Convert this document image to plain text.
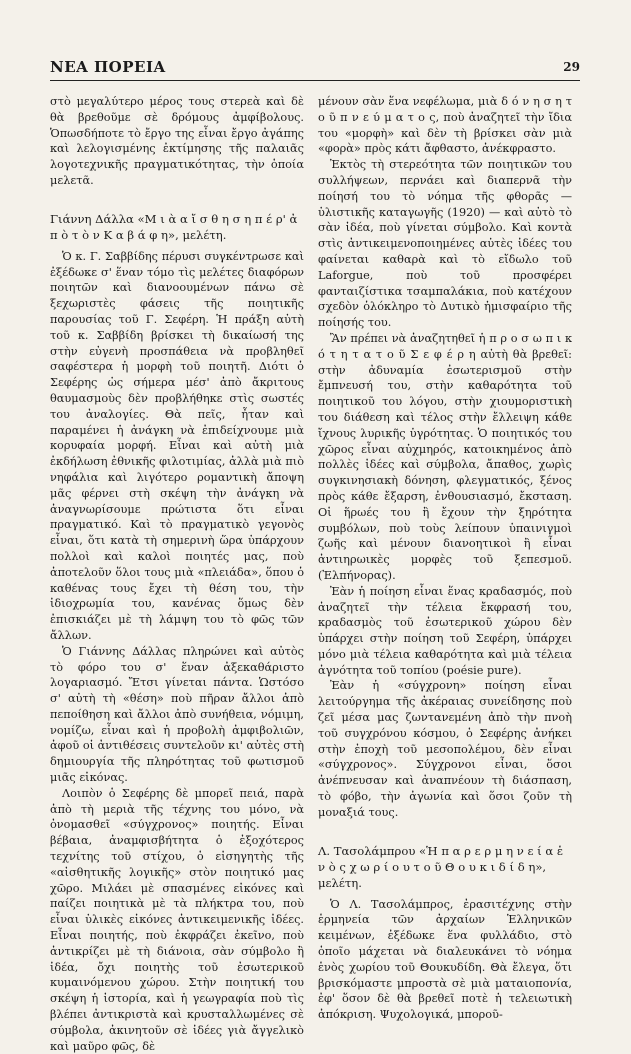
ΝΕΑ ΠΟΡΕΙΑ	29

στὸ μεγαλύτερο μέρος τους στερεὰ καὶ δὲ θὰ βρεθοῦμε σὲ δρόμους ἀμφίβολους. Ὁπωσδήποτε τὸ ἔργο της εἶναι ἔργο ἀγάπης καὶ λελογισμένης ἐκτίμησης τῆς παλαιᾶς λογοτεχνικῆς πραγματικότητας, τὴν ὁποία μελετᾶ.

Γιάννη Δάλλα «Μ ι ὰ α ἴ σ θ η σ η π έ ρ' ἀ π ὸ τ ὸ ν Κ α β ά φ η», μελέτη.

Ὁ κ. Γ. Σαββίδης πέρυσι συγκέντρωσε καὶ ἐξέδωκε σ' ἕναν τόμο τὶς μελέτες διαφόρων ποιητῶν καὶ διανοουμένων πάνω σὲ ξεχωριστὲς φάσεις τῆς ποιητικῆς παρουσίας τοῦ Γ. Σεφέρη. Ἡ πράξη αὐτὴ τοῦ κ. Σαββίδη βρίσκει τὴ δικαίωσή της στὴν εὐγενὴ προσπάθεια νὰ προβληθεῖ σαφέστερα ἡ μορφὴ τοῦ ποιητῆ. Διότι ὁ Σεφέρης ὡς σήμερα μέσ' ἀπὸ ἄκριτους θαυμασμοὺς δὲν προβλήθηκε στὶς σωστές του ἀναλογίες. Θὰ πεῖς, ἦταν καὶ παραμένει ἡ ἀνάγκη νὰ ἐπιδείχνουμε μιὰ κορυφαία μορφή. Εἶναι καὶ αὐτὴ μιὰ ἐκδήλωση ἐθνικῆς φιλοτιμίας, ἀλλὰ μιὰ πιὸ νηφάλια καὶ λιγότερο ρομαντικὴ ἄποψη μᾶς φέρνει στὴ σκέψη τὴν ἀνάγκη νὰ ἀναγνωρίσουμε πρώτιστα ὅτι εἶναι πραγματικό. Καὶ τὸ πραγματικὸ γεγονὸς εἶναι, ὅτι κατὰ τὴ σημερινὴ ὥρα ὑπάρχουν πολλοὶ καὶ καλοὶ ποιητές μας, ποὺ ἀποτελοῦν ὅλοι τους μιὰ «πλειάδα», ὅπου ὁ καθένας τους ἔχει τὴ θέση του, τὴν ἰδιοχρωμία του, κανένας ὅμως δὲν ἐπισκιάζει μὲ τὴ λάμψη του τὸ φῶς τῶν ἄλλων.

Ὁ Γιάννης Δάλλας πληρώνει καὶ αὐτὸς τὸ φόρο του σ' ἕναν ἀξεκαθάριστο λογαριασμό. Ἔτσι γίνεται πάντα. Ὡστόσο σ' αὐτὴ τὴ «θέση» ποὺ πῆραν ἄλλοι ἀπὸ πεποίθηση καὶ ἄλλοι ἀπὸ συνήθεια, νόμιμη, νομίζω, εἶναι καὶ ἡ προβολὴ ἀμφιβολιῶν, ἀφοῦ οἱ ἀντιθέσεις συντελοῦν κι' αὐτὲς στὴ δημιουργία τῆς πληρότητας τοῦ φωτισμοῦ μιᾶς εἰκόνας.

Λοιπὸν ὁ Σεφέρης δὲ μπορεῖ πειά, παρὰ ἀπὸ τὴ μεριὰ τῆς τέχνης του μόνο, νὰ ὀνομασθεῖ «σύγχρονος» ποιητής. Εἶναι βέβαια, ἀναμφισβήτητα ὁ ἐξοχότερος τεχνίτης τοῦ στίχου, ὁ εἰσηγητὴς τῆς «αἰσθητικῆς λογικῆς» στὸν ποιητικό μας χῶρο. Μιλάει μὲ σπασμένες εἰκόνες καὶ παίζει ποιητικὰ μὲ τὰ πλήκτρα του, ποὺ εἶναι ὑλικὲς εἰκόνες ἀντικειμενικῆς ἰδέες. Εἶναι ποιητής, ποὺ ἐκφράζει ἐκεῖνο, ποὺ ἀντικρίζει μὲ τὴ διάνοια, σὰν σύμβολο ἢ ἰδέα, ὄχι ποιητὴς τοῦ ἐσωτερικοῦ κυμαινόμενου χώρου. Στὴν ποιητική του σκέψη ἡ ἱστορία, καὶ ἡ γεωγραφία ποὺ τὶς βλέπει ἀντικριστὰ καὶ κρυσταλλωμένες σὲ σύμβολα, ἀκινητοῦν σὲ ἰδέες γιὰ ἄγγελικὸ καὶ μαῦρο φῶς, δὲ

μένουν σὰν ἕνα νεφέλωμα, μιὰ δ ό ν η σ η τ ο ῦ π ν ε ύ μ α τ ο ς, ποὺ ἀναζητεῖ τὴν ἴδια του «μορφὴ» καὶ δὲν τὴ βρίσκει σὰν μιὰ «φορὰ» πρὸς κάτι ἄφθαστο, ἀνέκφραστο.

Ἐκτὸς τὴ στερεότητα τῶν ποιητικῶν του συλλήψεων, περνάει καὶ διαπερνᾶ τὴν ποίησή του τὸ νόημα τῆς φθορᾶς — ὑλιστικῆς καταγωγῆς (1920) — καὶ αὐτὸ τὸ σὰν ἰδέα, ποὺ γίνεται σύμβολο. Καὶ κοντὰ στὶς ἀντικειμενοποιημένες αὐτὲς ἰδέες του φαίνεται καθαρὰ καὶ τὸ εἴδωλο τοῦ Laforgue, ποὺ τοῦ προσφέρει φανταιζίστικα τσαμπαλάκια, ποὺ κατέχουν σχεδὸν ὁλόκληρο τὸ Δυτικὸ ἡμισφαίριο τῆς ποίησής του.

Ἂν πρέπει νὰ ἀναζητηθεῖ ἡ π ρ ο σ ω π ι κ ό τ η τ α τ ο ῦ Σ ε φ έ ρ η αὐτὴ θὰ βρεθεῖ: στὴν ἀδυναμία ἐσωτερισμοῦ στὴν ἔμπνευσή του, στὴν καθαρότητα τοῦ ποιητικοῦ του λόγου, στὴν χιουμοριστικὴ του διάθεση καὶ τέλος στὴν ἔλλειψη κάθε ἴχνους λυρικῆς ὑγρότητας. Ὁ ποιητικός του χῶρος εἶναι αὐχμηρός, κατοικημένος ἀπὸ πολλὲς ἰδέες καὶ σύμβολα, ἄπαθος, χωρὶς συγκινησιακὴ δόνηση, φλεγματικός, ξένος πρὸς κάθε ἔξαρση, ἐνθουσιασμό, ἔκσταση. Οἱ ἥρωές του ἢ ἔχουν τὴν ξηρότητα συμβόλων, ποὺ τοὺς λείπουν ὑπαινιγμοὶ ζωῆς καὶ μένουν διανοητικοὶ ἢ εἶναι ἀντιηρωικὲς μορφὲς τοῦ ξεπεσμοῦ. (Ἐλπήνορας).

Ἐὰν ἡ ποίηση εἶναι ἕνας κραδασμός, ποὺ ἀναζητεῖ τὴν τέλεια ἔκφρασή του, κραδασμὸς τοῦ ἐσωτερικοῦ χώρου δὲν ὑπάρχει στὴν ποίηση τοῦ Σεφέρη, ὑπάρχει μόνο μιὰ τέλεια καθαρότητα καὶ μιὰ τέλεια ἀγνότητα τοῦ τοπίου (poésie pure).

Ἐὰν ἡ «σύγχρονη» ποίηση εἶναι λειτούργημα τῆς ἀκέραιας συνείδησης ποὺ ζεῖ μέσα μας ζωντανεμένη ἀπὸ τὴν πνοὴ τοῦ συγχρόνου κόσμου, ὁ Σεφέρης ἀνήκει στὴν ἐποχὴ τοῦ μεσοπολέμου, δὲν εἶναι «σύγχρονος». Σύγχρονοι εἶναι, ὅσοι ἀνέπνευσαν καὶ ἀναπνέουν τὴ διάσπαση, τὸ φόβο, τὴν ἀγωνία καὶ ὅσοι ζοῦν τὴ μοναξιά τους.

Λ. Τασολάμπρου «Ἡ π α ρ ε ρ μ η ν ε ί α ἑ ν ὸ ς χ ω ρ ί ο υ τ ο ῦ Θ ο υ κ ι δ ί δ η», μελέτη.

Ὁ Λ. Τασολάμπρος, ἐρασιτέχνης στὴν ἑρμηνεία τῶν ἀρχαίων Ἑλληνικῶν κειμένων, ἐξέδωκε ἕνα φυλλάδιο, στὸ ὁποῖο μάχεται νὰ διαλευκάνει τὸ νόημα ἑνὸς χωρίου τοῦ Θουκυδίδη. Θὰ ἔλεγα, ὅτι βρισκόμαστε μπροστὰ σὲ μιὰ ματαιοπονία, ἐφ' ὅσον δὲ θὰ βρεθεῖ ποτὲ ἡ τελειωτικὴ ἀπόκριση. Ψυχολογικά, μποροῦ-
